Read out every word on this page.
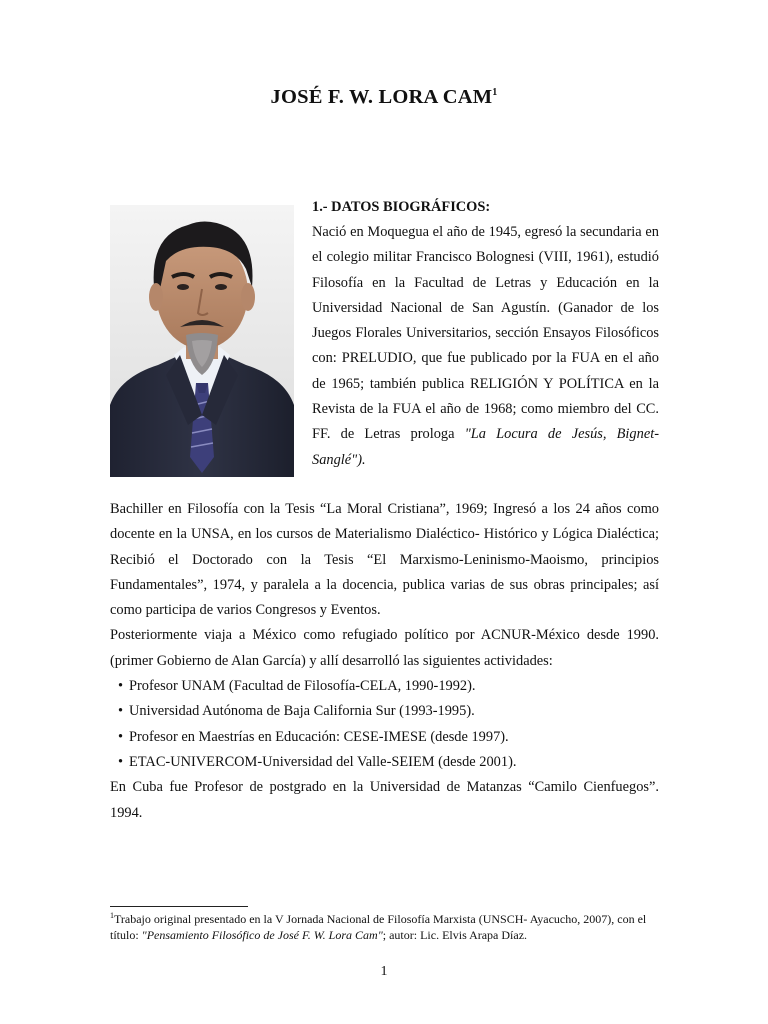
JOSÉ F. W. LORA CAM$^1$

1.- DATOS BIOGRÁFICOS:

Nació en Moquegua el año de 1945, egresó la secundaria en el colegio militar Francisco Bolognesi (VIII, 1961), estudió Filosofía en la Facultad de Letras y Educación en la Universidad Nacional de San Agustín. (Ganador de los Juegos Florales Universitarios, sección Ensayos Filosóficos con: PRELUDIO, que fue publicado por la FUA en el año de 1965; también publica RELIGIÓN Y POLÍTICA en la Revista de la FUA el año de 1968; como miembro del CC. FF. de Letras prologa "La Locura de Jesús, Bignet-Sanglé").

Bachiller en Filosofía con la Tesis “La Moral Cristiana”, 1969; Ingresó a los 24 años como docente en la UNSA, en los cursos de Materialismo Dialéctico- Histórico y Lógica Dialéctica; Recibió el Doctorado con la Tesis “El Marxismo-Leninismo-Maoismo, principios Fundamentales”, 1974, y paralela a la docencia, publica varias de sus obras principales; así como participa de varios Congresos y Eventos.

Posteriormente viaja a México como refugiado político por ACNUR-México desde 1990. (primer Gobierno de Alan García) y allí desarrolló las siguientes actividades:

• Profesor UNAM (Facultad de Filosofía-CELA, 1990-1992).
• Universidad Autónoma de Baja California Sur (1993-1995).
• Profesor en Maestrías en Educación: CESE-IMESE (desde 1997).
• ETAC-UNIVERCOM-Universidad del Valle-SEIEM (desde 2001).

En Cuba fue Profesor de postgrado en la Universidad de Matanzas “Camilo Cienfuegos”. 1994.

$^1$Trabajo original presentado en la V Jornada Nacional de Filosofía Marxista (UNSCH- Ayacucho, 2007), con el título: "Pensamiento Filosófico de José F. W. Lora Cam"; autor: Lic. Elvis Arapa Díaz.
1
